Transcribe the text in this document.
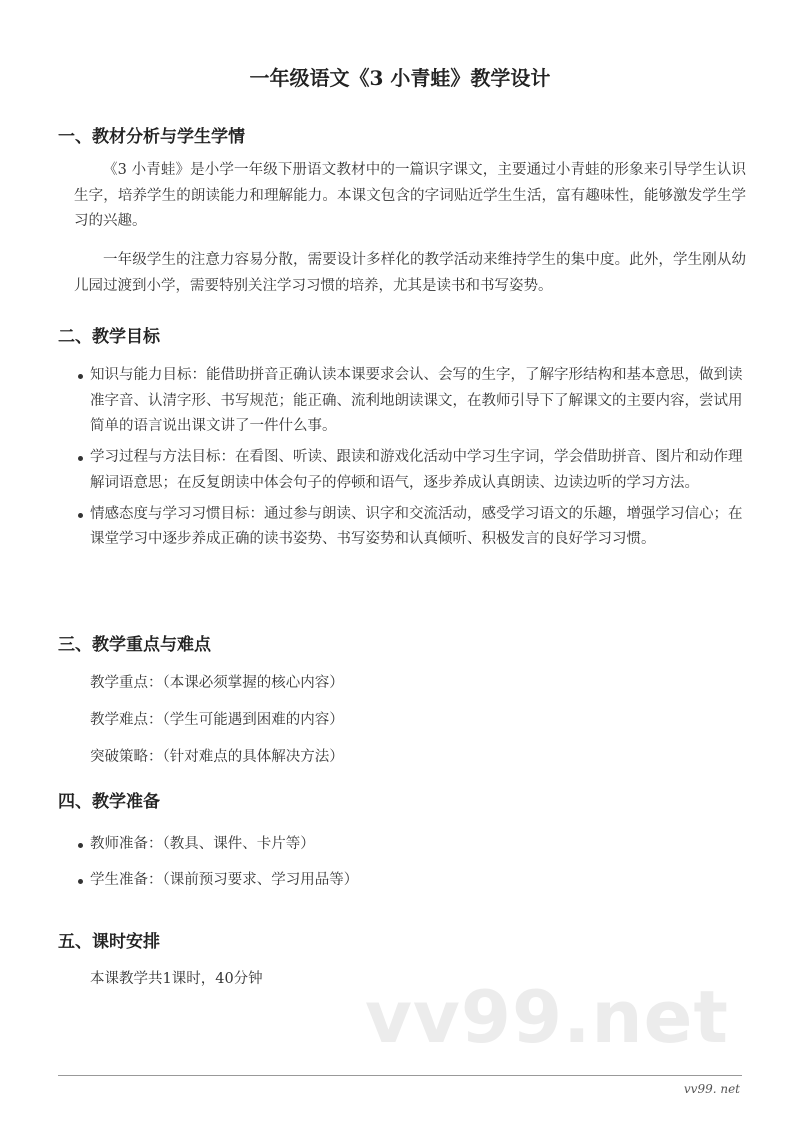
一年级语文《3 小青蛙》教学设计
一、教材分析与学生学情
《3 小青蛙》是小学一年级下册语文教材中的一篇识字课文，主要通过小青蛙的形象来引导学生认识生字，培养学生的朗读能力和理解能力。本课文包含的字词贴近学生生活，富有趣味性，能够激发学生学习的兴趣。
一年级学生的注意力容易分散，需要设计多样化的教学活动来维持学生的集中度。此外，学生刚从幼儿园过渡到小学，需要特别关注学习习惯的培养，尤其是读书和书写姿势。
二、教学目标
知识与能力目标：能借助拼音正确认读本课要求会认、会写的生字，了解字形结构和基本意思，做到读准字音、认清字形、书写规范；能正确、流利地朗读课文，在教师引导下了解课文的主要内容，尝试用简单的语言说出课文讲了一件什么事。
学习过程与方法目标：在看图、听读、跟读和游戏化活动中学习生字词，学会借助拼音、图片和动作理解词语意思；在反复朗读中体会句子的停顿和语气，逐步养成认真朗读、边读边听的学习方法。
情感态度与学习习惯目标：通过参与朗读、识字和交流活动，感受学习语文的乐趣，增强学习信心；在课堂学习中逐步养成正确的读书姿势、书写姿势和认真倾听、积极发言的良好学习习惯。
三、教学重点与难点
教学重点：（本课必须掌握的核心内容）
教学难点：（学生可能遇到困难的内容）
突破策略：（针对难点的具体解决方法）
四、教学准备
教师准备：（教具、课件、卡片等）
学生准备：（课前预习要求、学习用品等）
五、课时安排
本课教学共1课时，40分钟 vv99.net
vv99. net
